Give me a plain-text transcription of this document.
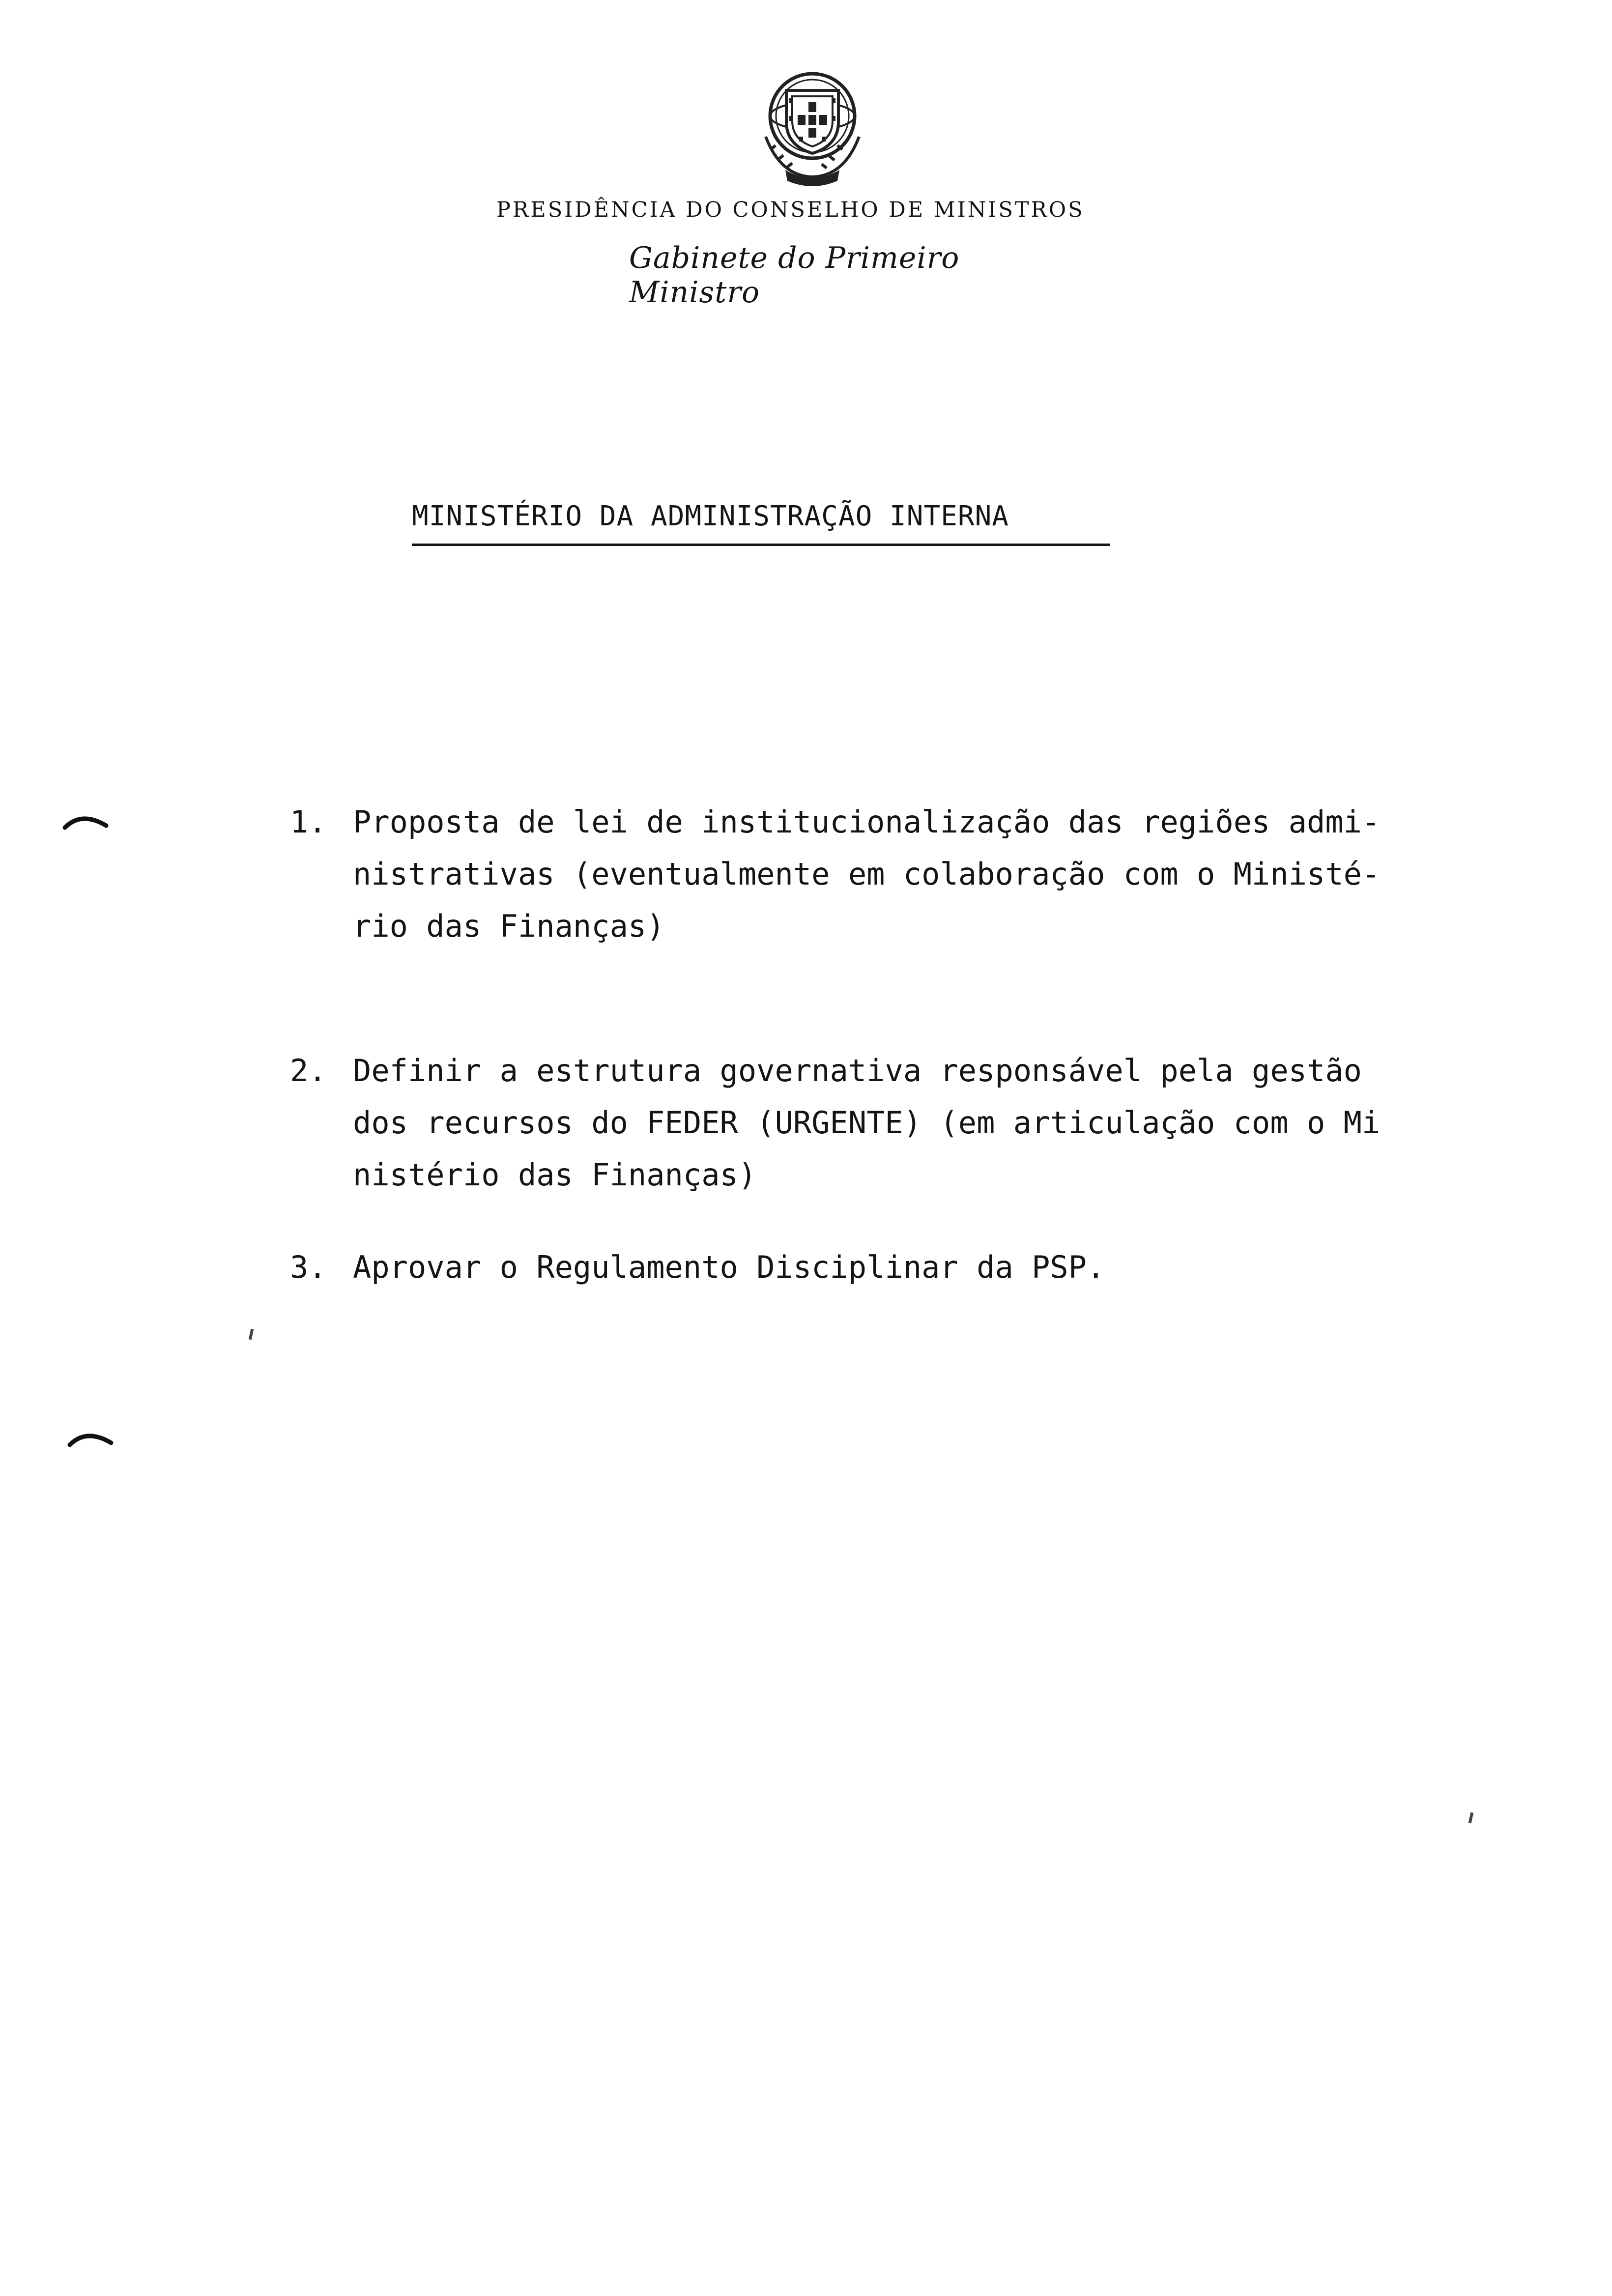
PRESIDÊNCIA DO CONSELHO DE MINISTROS
Gabinete do Primeiro Ministro
MINISTÉRIO DA ADMINISTRAÇÃO INTERNA
1. Proposta de lei de institucionalização das regiões admi-
nistrativas (eventualmente em colaboração com o Ministé-
rio das Finanças)
2. Definir a estrutura governativa responsável pela gestão
dos recursos do FEDER (URGENTE) (em articulação com o Mi
nistério das Finanças)
3. Aprovar o Regulamento Disciplinar da PSP.
